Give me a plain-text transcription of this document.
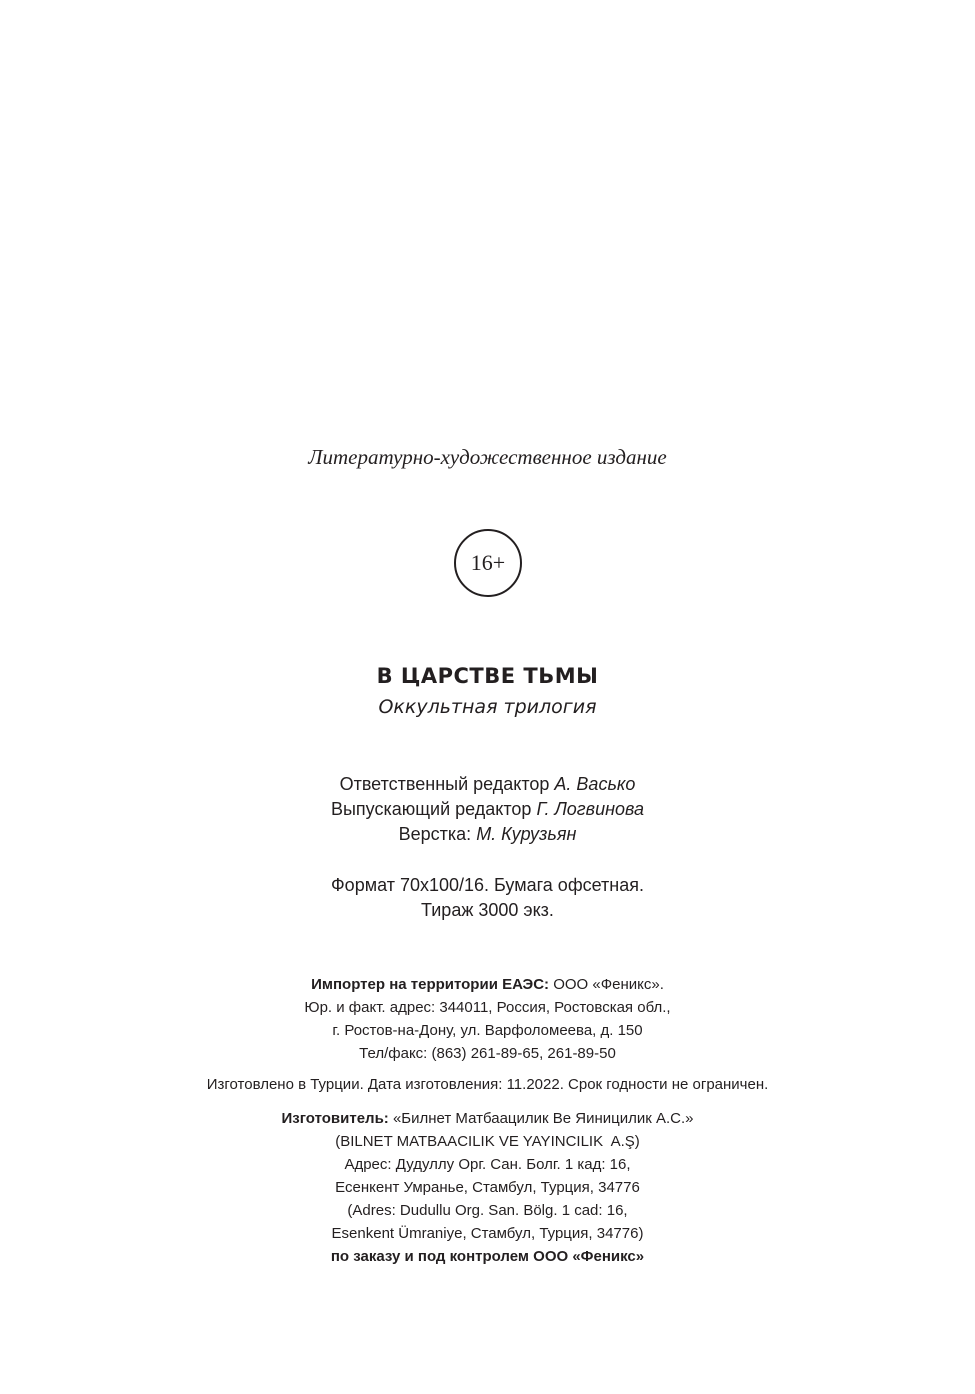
Литературно-художественное издание
16+
В ЦАРСТВЕ ТЬМЫ
Оккультная трилогия
Ответственный редактор А. Васько
Выпускающий редактор Г. Логвинова
Верстка: М. Курузьян
Формат 70x100/16. Бумага офсетная.
Тираж 3000 экз.
Импортер на территории ЕАЭС: ООО «Феникс».
Юр. и факт. адрес: 344011, Россия, Ростовская обл.,
г. Ростов-на-Дону, ул. Варфоломеева, д. 150
Тел/факс: (863) 261-89-65, 261-89-50
Изготовлено в Турции. Дата изготовления: 11.2022. Срок годности не ограничен.
Изготовитель: «Билнет Матбаацилик Ве Яиницилик А.С.»
(BILNET MATBAACILIK VE YAYINCILIK  A.Ş)
Адрес: Дудуллу Орг. Сан. Болг. 1 кад: 16,
Есенкент Умранье, Стамбул, Турция, 34776
(Adres: Dudullu Org. San. Bölg. 1 cad: 16,
Esenkent Ümraniye, Стамбул, Турция, 34776)
по заказу и под контролем ООО «Феникс»
